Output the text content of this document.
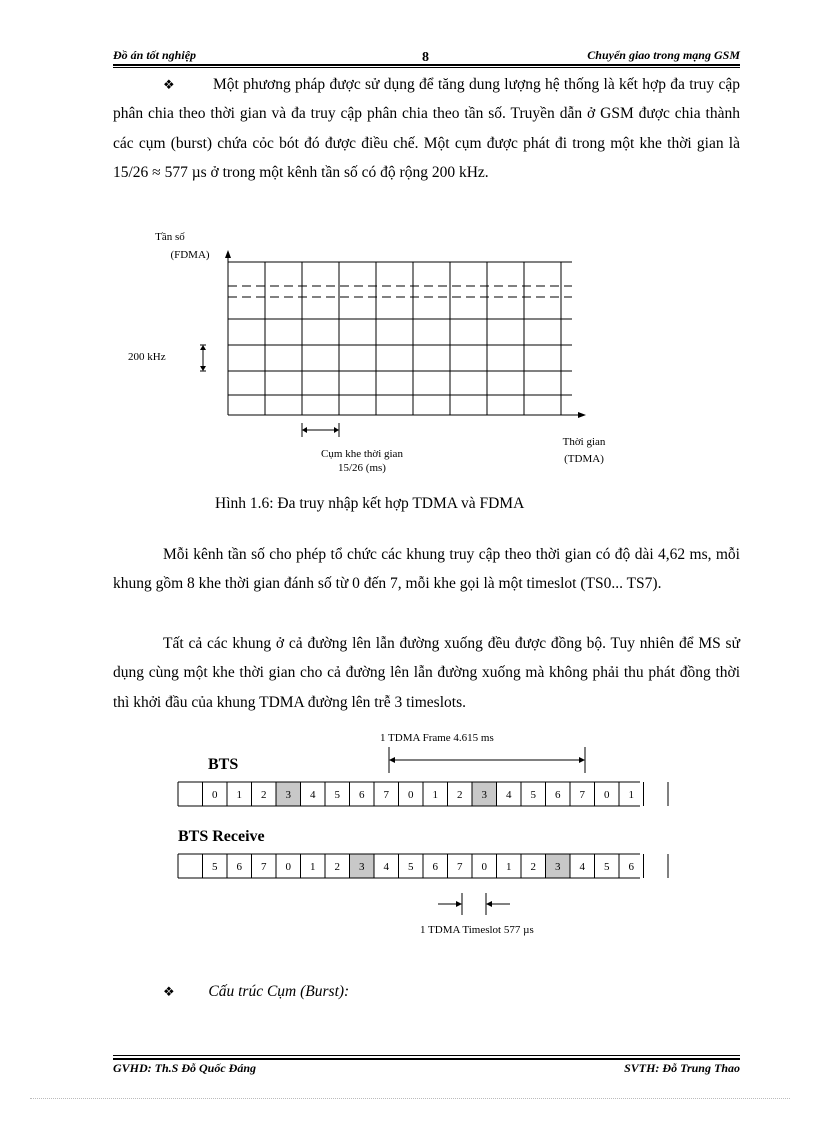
Đồ án tốt nghiệp	8	Chuyển giao trong mạng GSM
❖ Một phương pháp được sử dụng để tăng dung lượng hệ thống là kết hợp đa truy cập phân chia theo thời gian và đa truy cập phân chia theo tần số. Truyền dẫn ở GSM được chia thành các cụm (burst) chứa cỏc bót đó được điều chế. Một cụm được phát đi trong một khe thời gian là 15/26 ≈ 577 µs ở trong một kênh tần số có độ rộng 200 kHz.
Tần số
(FDMA)
200 kHz
Cụm khe thời gian
15/26 (ms)
Thời gian
(TDMA)
Hình 1.6: Đa truy nhập kết hợp TDMA và FDMA
Mỗi kênh tần số cho phép tổ chức các khung truy cập theo thời gian có độ dài 4,62 ms, mỗi khung gồm 8 khe thời gian đánh số từ 0 đến 7, mỗi khe gọi là một timeslot (TS0... TS7).
Tất cả các khung ở cả đường lên lẫn đường xuống đều được đồng bộ. Tuy nhiên để MS sử dụng cùng một khe thời gian cho cả đường lên lẫn đường xuống mà không phải thu phát đồng thời thì khởi đầu của khung TDMA đường lên trễ 3 timeslots.
1 TDMA Frame 4.615 ms
BTS
0 1 2 3 4 5 6 7 0 1 2 3 4 5 6 7 0 1
BTS Receive
5 6 7 0 1 2 3 4 5 6 7 0 1 2 3 4 5 6
1 TDMA Timeslot 577 µs
❖ Cấu trúc Cụm (Burst):
GVHD: Th.S Đỗ Quốc Đáng	SVTH: Đỗ Trung Thao
